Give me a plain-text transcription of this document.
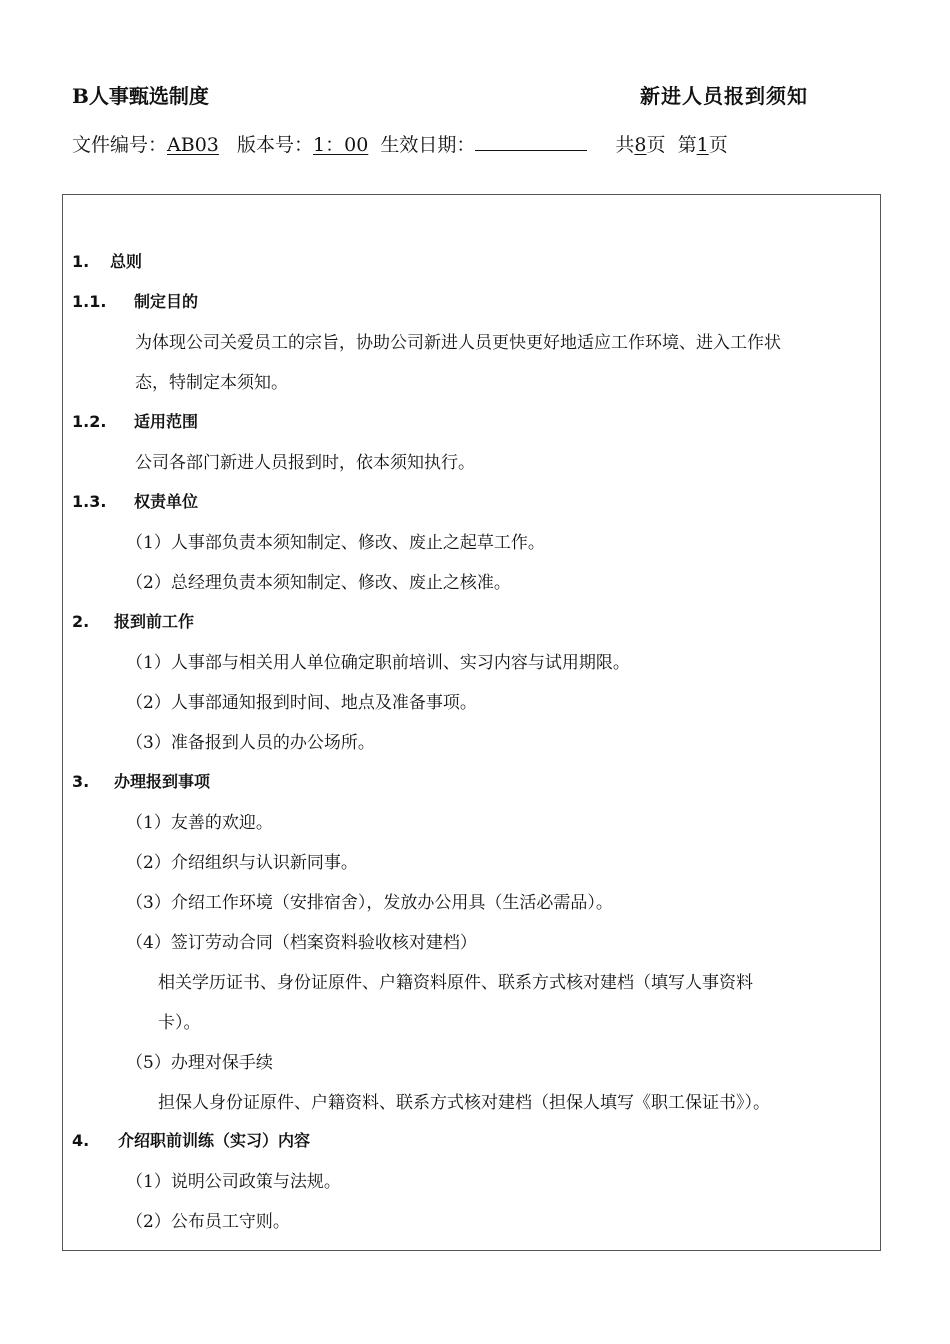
B人事甄选制度	新进人员报到须知
文件编号：AB03 版本号：1：00 生效日期：	共8页 第1页
1. 总则
1.1. 制定目的
为体现公司关爱员工的宗旨，协助公司新进人员更快更好地适应工作环境、进入工作状
态，特制定本须知。
1.2. 适用范围
公司各部门新进人员报到时，依本须知执行。
1.3. 权责单位
（1）人事部负责本须知制定、修改、废止之起草工作。
（2）总经理负责本须知制定、修改、废止之核准。
2. 报到前工作
（1）人事部与相关用人单位确定职前培训、实习内容与试用期限。
（2）人事部通知报到时间、地点及准备事项。
（3）准备报到人员的办公场所。
3. 办理报到事项
（1）友善的欢迎。
（2）介绍组织与认识新同事。
（3）介绍工作环境（安排宿舍），发放办公用具（生活必需品）。
（4）签订劳动合同（档案资料验收核对建档）
相关学历证书、身份证原件、户籍资料原件、联系方式核对建档（填写人事资料
卡）。
（5）办理对保手续
担保人身份证原件、户籍资料、联系方式核对建档（担保人填写《职工保证书》）。
4. 介绍职前训练（实习）内容
（1）说明公司政策与法规。
（2）公布员工守则。
